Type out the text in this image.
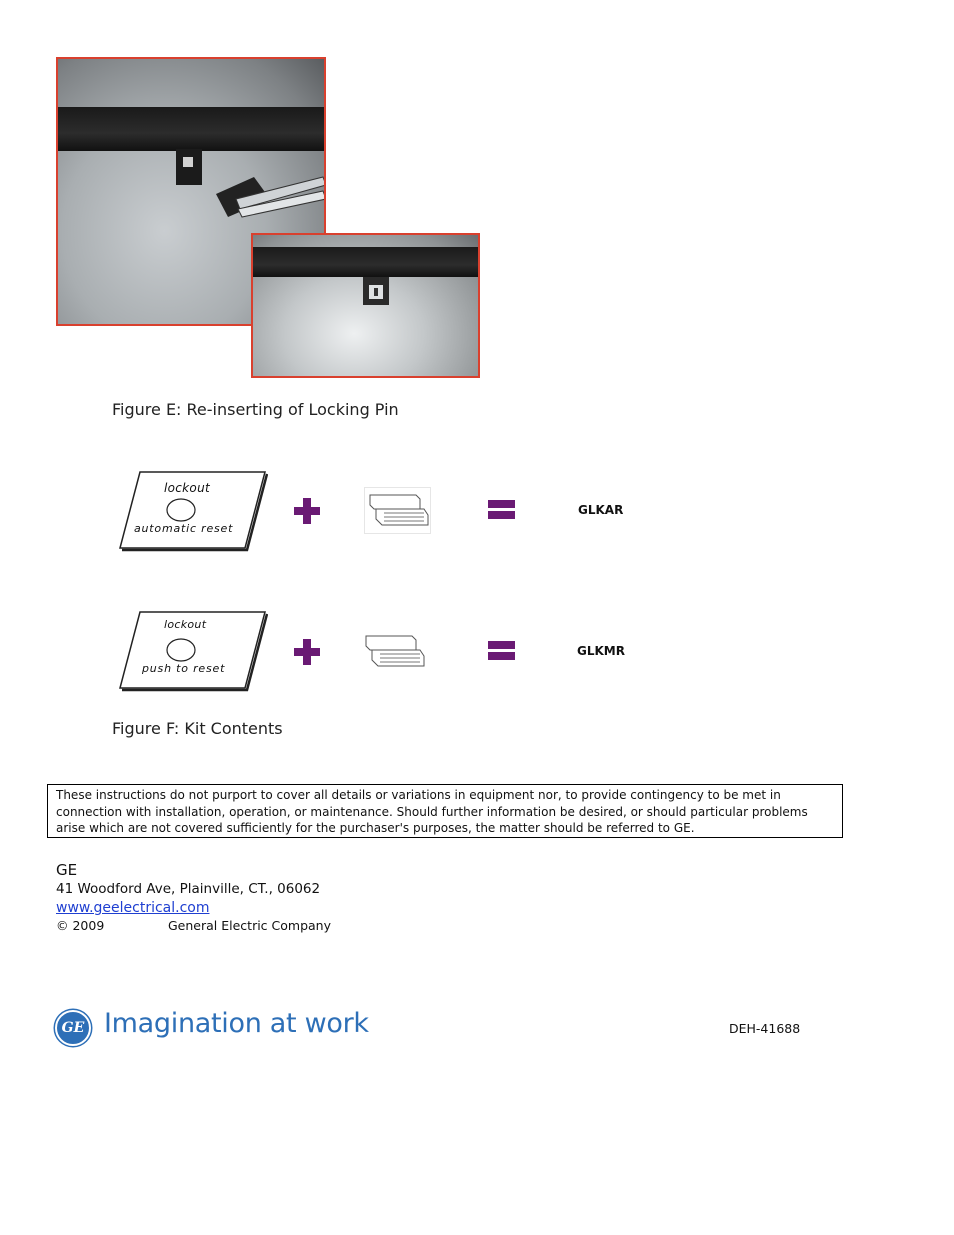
Figure E: Re-inserting of Locking Pin
lockout
automatic reset
GLKAR
lockout
push to reset
GLKMR
Figure F: Kit Contents
These instructions do not purport to cover all details or variations in equipment nor, to provide contingency to be met in connection with installation, operation, or maintenance. Should further information be desired, or should particular problems arise which are not covered sufficiently for the purchaser's purposes, the matter should be referred to GE.
GE
41 Woodford Ave, Plainville, CT., 06062
www.geelectrical.com
© 2009	General Electric Company
GE Imagination at work	DEH-41688
